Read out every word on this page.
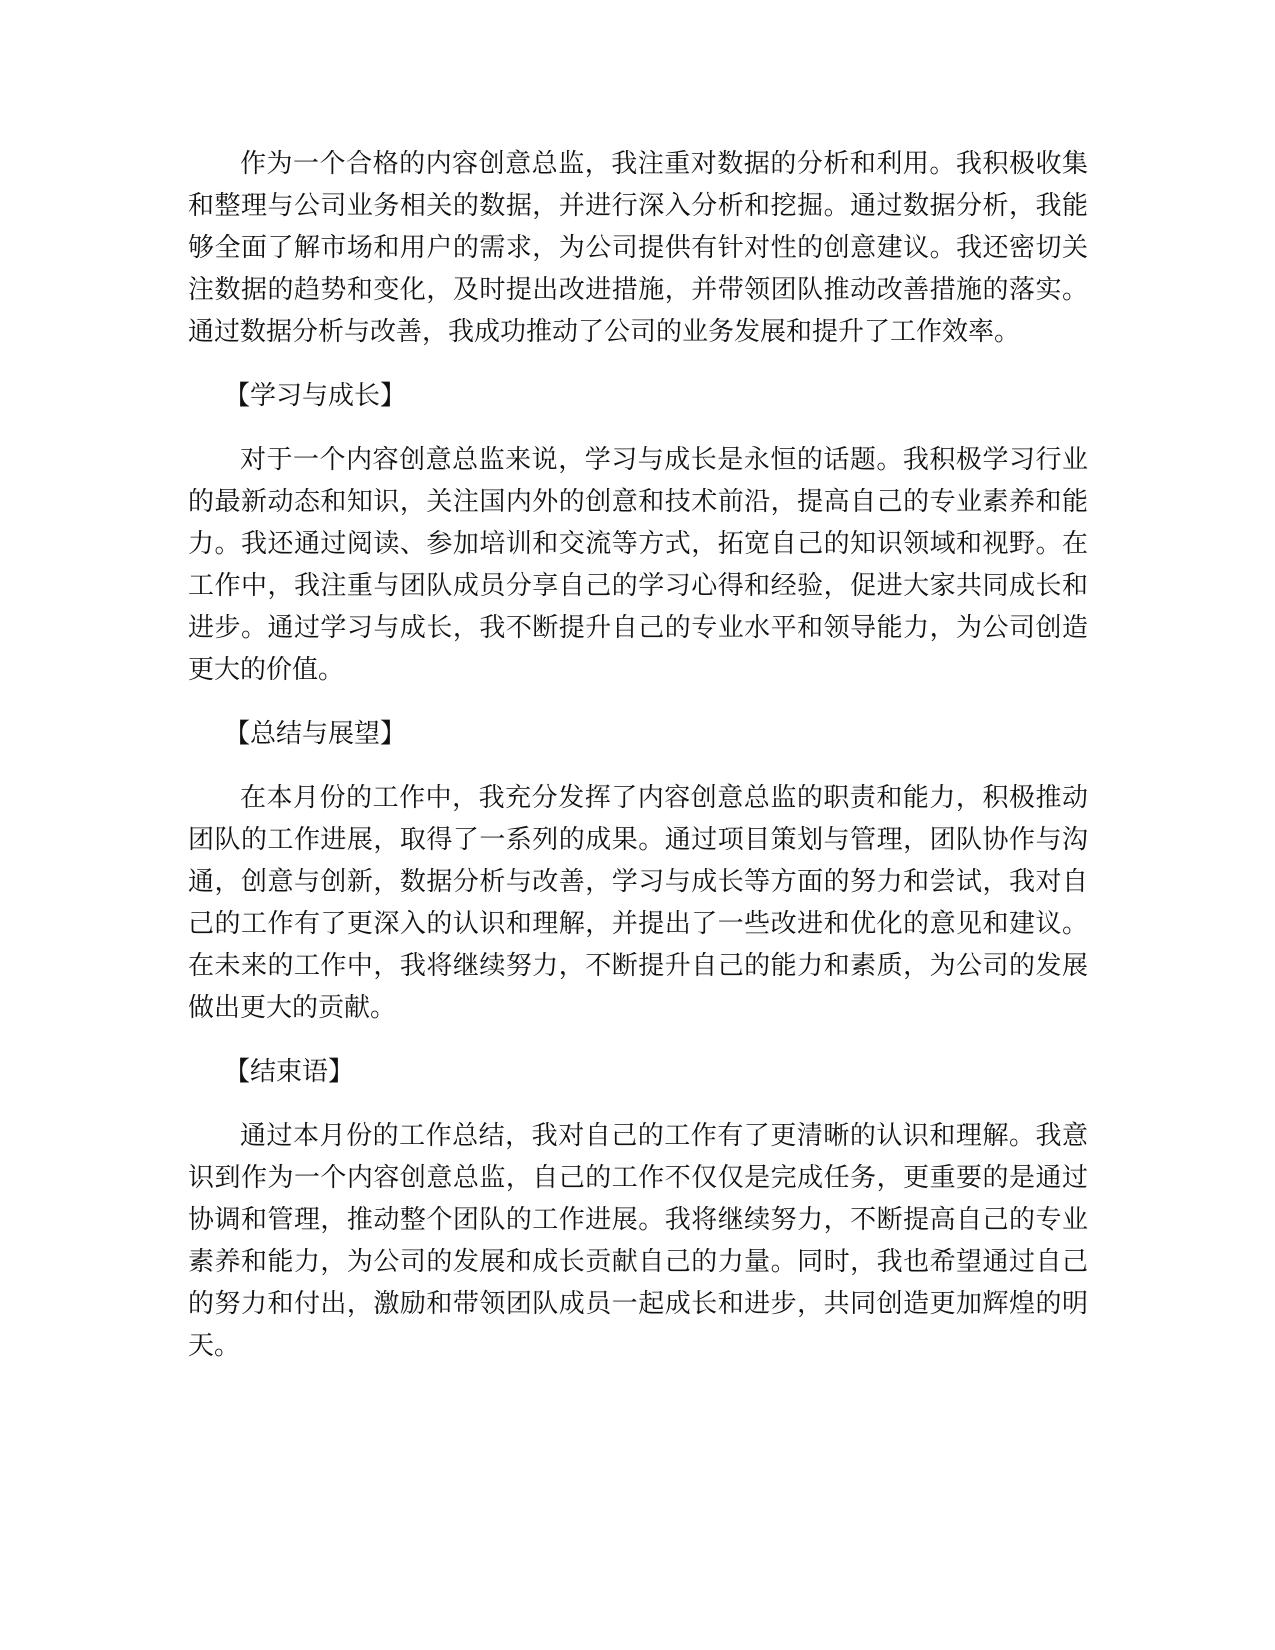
作为一个合格的内容创意总监，我注重对数据的分析和利用。我积极收集和整理与公司业务相关的数据，并进行深入分析和挖掘。通过数据分析，我能够全面了解市场和用户的需求，为公司提供有针对性的创意建议。我还密切关注数据的趋势和变化，及时提出改进措施，并带领团队推动改善措施的落实。通过数据分析与改善，我成功推动了公司的业务发展和提升了工作效率。

【学习与成长】

对于一个内容创意总监来说，学习与成长是永恒的话题。我积极学习行业的最新动态和知识，关注国内外的创意和技术前沿，提高自己的专业素养和能力。我还通过阅读、参加培训和交流等方式，拓宽自己的知识领域和视野。在工作中，我注重与团队成员分享自己的学习心得和经验，促进大家共同成长和进步。通过学习与成长，我不断提升自己的专业水平和领导能力，为公司创造更大的价值。

【总结与展望】

在本月份的工作中，我充分发挥了内容创意总监的职责和能力，积极推动团队的工作进展，取得了一系列的成果。通过项目策划与管理，团队协作与沟通，创意与创新，数据分析与改善，学习与成长等方面的努力和尝试，我对自己的工作有了更深入的认识和理解，并提出了一些改进和优化的意见和建议。在未来的工作中，我将继续努力，不断提升自己的能力和素质，为公司的发展做出更大的贡献。

【结束语】

通过本月份的工作总结，我对自己的工作有了更清晰的认识和理解。我意识到作为一个内容创意总监，自己的工作不仅仅是完成任务，更重要的是通过协调和管理，推动整个团队的工作进展。我将继续努力，不断提高自己的专业素养和能力，为公司的发展和成长贡献自己的力量。同时，我也希望通过自己的努力和付出，激励和带领团队成员一起成长和进步，共同创造更加辉煌的明天。
